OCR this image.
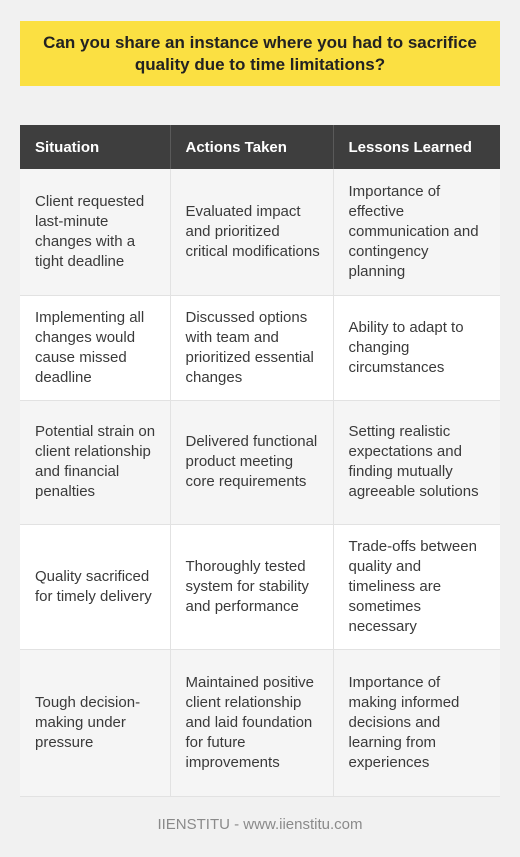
Can you share an instance where you had to sacrifice quality due to time limitations?
Situation	Actions Taken	Lessons Learned
Client requested last-minute changes with a tight deadline	Evaluated impact and prioritized critical modifications	Importance of effective communication and contingency planning
Implementing all changes would cause missed deadline	Discussed options with team and prioritized essential changes	Ability to adapt to changing circumstances
Potential strain on client relationship and financial penalties	Delivered functional product meeting core requirements	Setting realistic expectations and finding mutually agreeable solutions
Quality sacrificed for timely delivery	Thoroughly tested system for stability and performance	Trade-offs between quality and timeliness are sometimes necessary
Tough decision-making under pressure	Maintained positive client relationship and laid foundation for future improvements	Importance of making informed decisions and learning from experiences
IIENSTITU - www.iienstitu.com
